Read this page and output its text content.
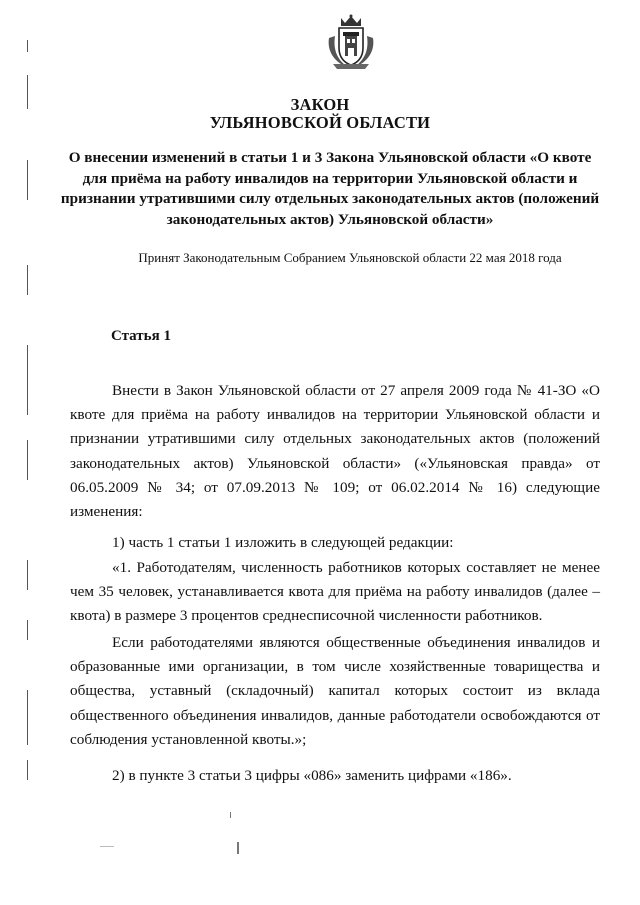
ЗАКОН
УЛЬЯНОВСКОЙ ОБЛАСТИ
О внесении изменений в статьи 1 и 3 Закона Ульяновской области «О квоте для приёма на работу инвалидов на территории Ульяновской области и признании утратившими силу отдельных законодательных актов (положений законодательных актов) Ульяновской области»
Принят Законодательным Собранием Ульяновской области 22 мая 2018 года
Статья 1
Внести в Закон Ульяновской области от 27 апреля 2009 года № 41-ЗО «О квоте для приёма на работу инвалидов на территории Ульяновской области и признании утратившими силу отдельных законодательных актов (положений законодательных актов) Ульяновской области» («Ульяновская правда» от 06.05.2009 № 34; от 07.09.2013 № 109; от 06.02.2014 № 16) следующие изменения:
1) часть 1 статьи 1 изложить в следующей редакции:
«1. Работодателям, численность работников которых составляет не менее чем 35 человек, устанавливается квота для приёма на работу инвалидов (далее – квота) в размере 3 процентов среднесписочной численности работников.
Если работодателями являются общественные объединения инвалидов и образованные ими организации, в том числе хозяйственные товарищества и общества, уставный (складочный) капитал которых состоит из вклада общественного объединения инвалидов, данные работодатели освобождаются от соблюдения установленной квоты.»;
2) в пункте 3 статьи 3 цифры «086» заменить цифрами «186».
